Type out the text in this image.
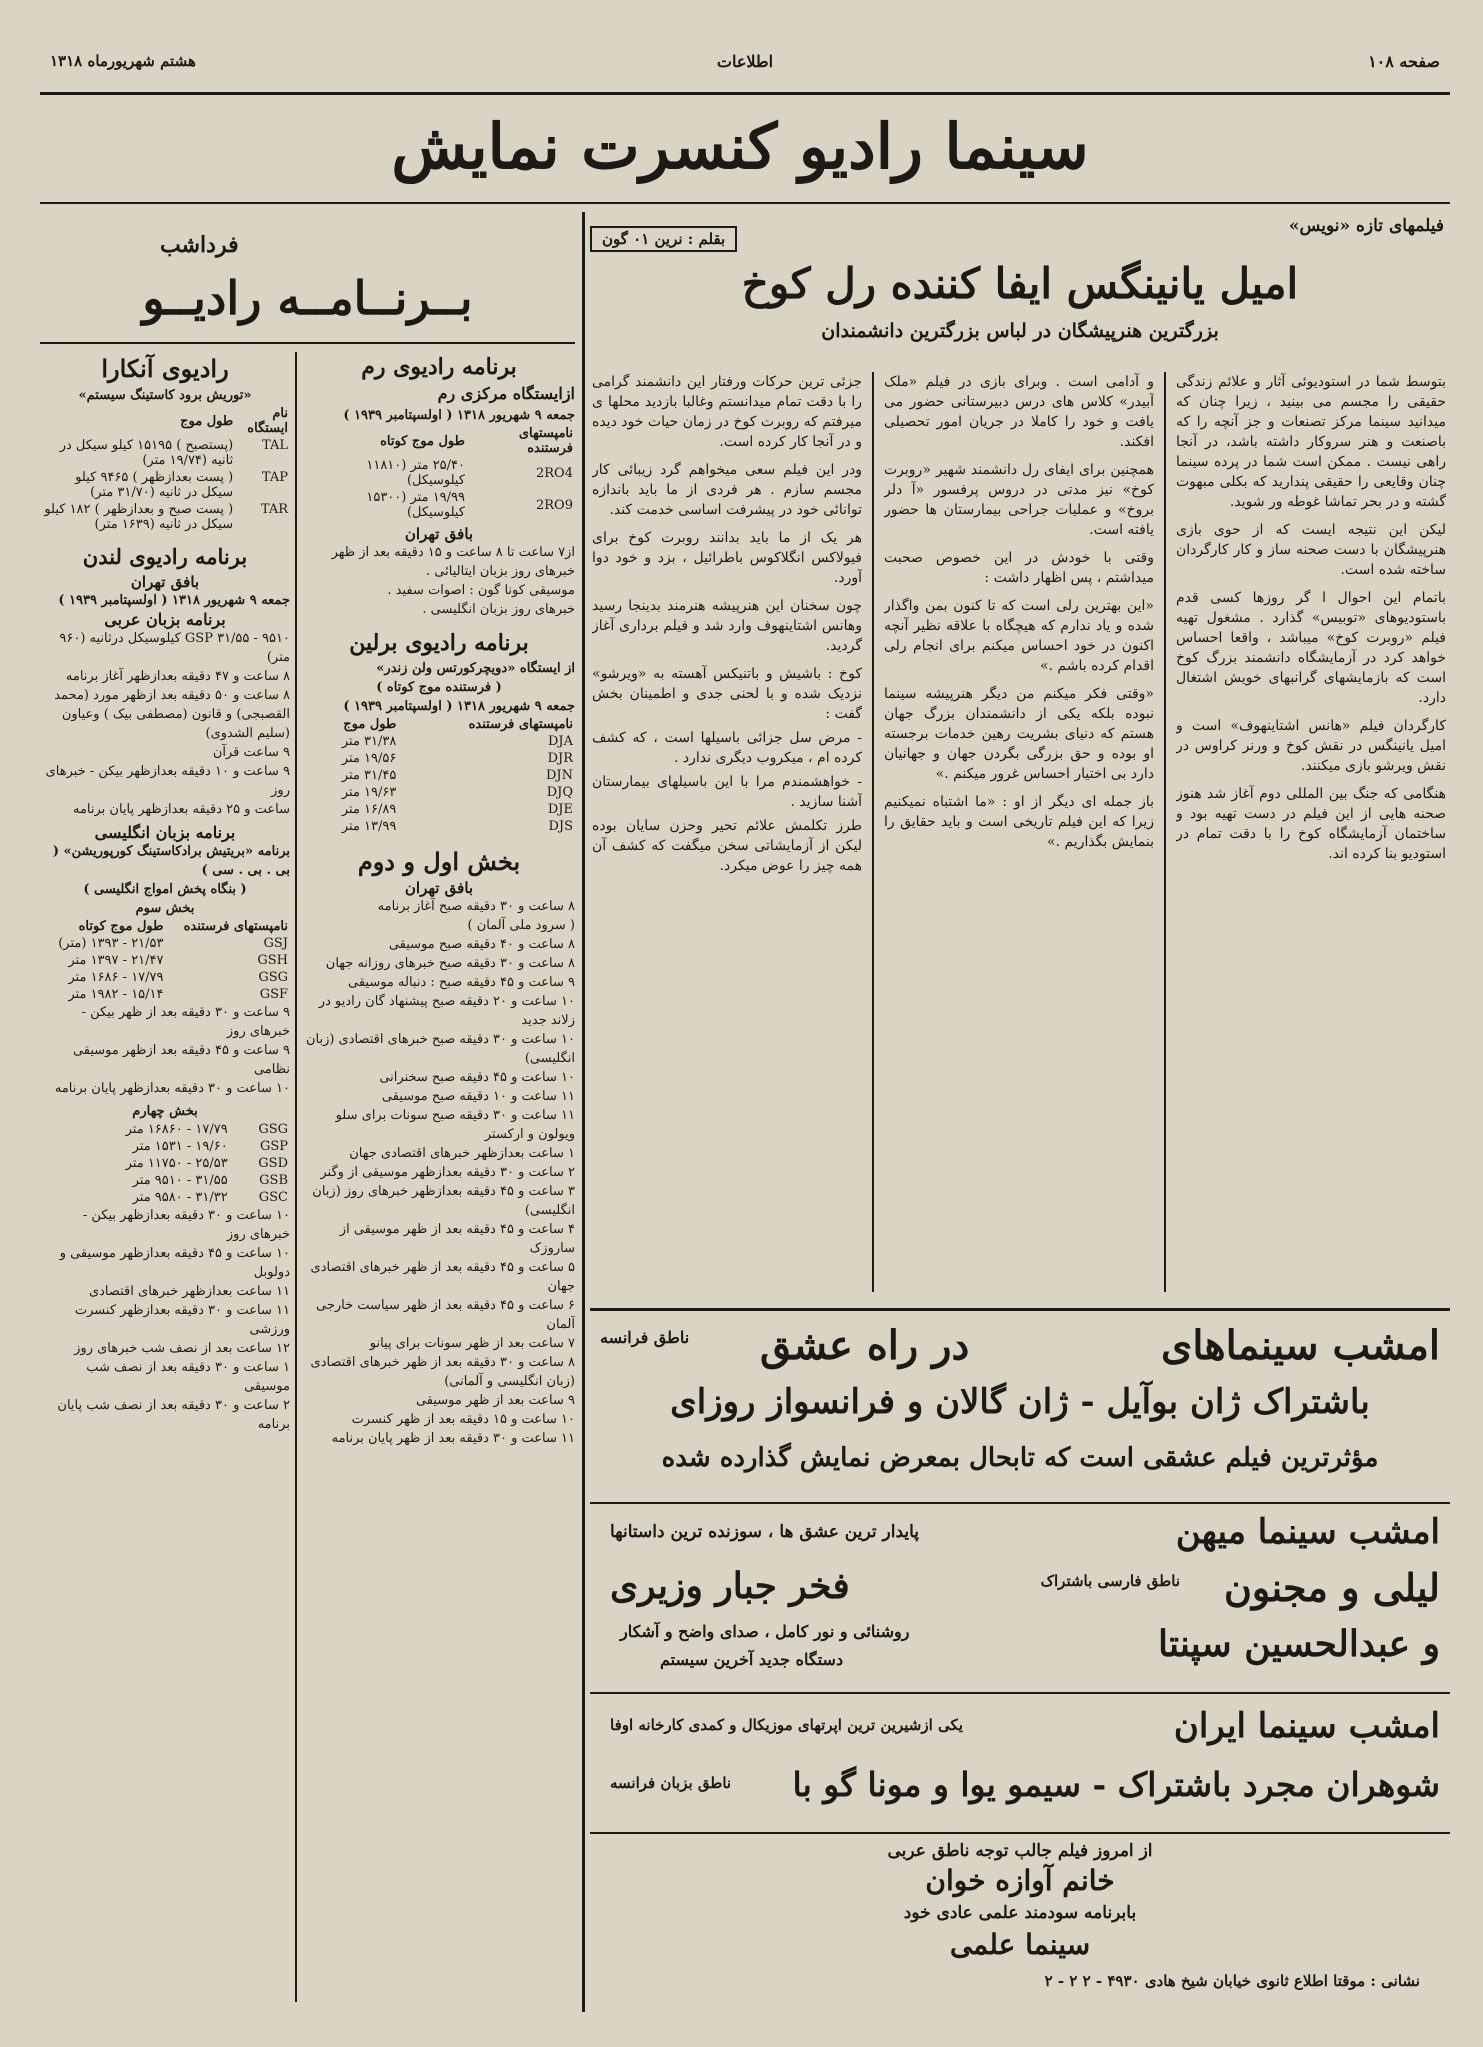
صفحه ۱۰۸
اطلاعات
هشتم شهریورماه ۱۳۱۸
سینما رادیو کنسرت نمایش
فیلمهای تازه «نویس»
بقلم : نرین ۰۱ گون
امیل یانینگس ایفا کننده رل کوخ
بزرگترین هنرپیشگان در لباس بزرگترین دانشمندان

بتوسط شما در استودیوئی آثار و علائم زندگی حقیقی را مجسم می بینید ، زیرا چنان که میدانید سینما مرکز تصنعات و جز آنچه را که باصنعت و هنر سروکار داشته باشد، در آنجا راهی نیست . ممکن است شما در پرده سینما چنان وقایعی را حقیقی پندارید که بکلی مبهوت گشته و در بحر تماشا غوطه ور شوید.

لیکن این نتیجه ایست که از حوی بازی هنرپیشگان با دست صحنه ساز و کار کارگردان ساخته شده است.

باتمام این احوال ا گر روزها کسی قدم باستودیوهای «توبیس» گذارد . مشغول تهیه فیلم «روبرت کوخ» میباشد ، واقعا احساس خواهد کرد در آزمایشگاه دانشمند بزرگ کوخ است که بازمایشهای گرانبهای خویش اشتغال دارد.

کارگردان فیلم «هانس اشتاینهوف» است و امیل یانینگس در نقش کوخ و ورنر کراوس در نقش ویرشو بازی میکنند.

هنگامی که جنگ بین المللی دوم آغاز شد هنوز صحنه هایی از این فیلم در دست تهیه بود و ساختمان آزمایشگاه کوخ را با دقت تمام در استودیو بنا کرده اند.

و آدامی است . وبرای بازی در فیلم «ملک آبیدر» کلاس های درس دبیرستانی حضور می یافت و خود را کاملا در جریان امور تحصیلی افکند.

همچنین برای ایفای رل دانشمند شهیر «روبرت کوخ» نیز مدتی در دروس پرفسور «آ دلر بروخ» و عملیات جراحی بیمارستان ها حضور یافته است.

وقتی با خودش در این خصوص صحبت میداشتم ، پس اظهار داشت :

«این بهترین رلی است که تا کنون بمن واگذار شده و یاد ندارم که هیچگاه با علاقه نظیر آنچه اکنون در خود احساس میکنم برای انجام رلی اقدام کرده باشم .»

«وقتی فکر میکنم من دیگر هنرپیشه سینما نبوده بلکه یکی از دانشمندان بزرگ جهان هستم که دنیای بشریت رهین خدمات برجسته او بوده و حق بزرگی بگردن جهان و جهانیان دارد بی اختیار احساس غرور میکنم .»

باز جمله ای دیگر از او : «ما اشتباه نمیکنیم زیرا که این فیلم تاریخی است و باید حقایق را بنمایش بگذاریم .»

جزئی ترین حرکات ورفتار این دانشمند گرامی را با دقت تمام میدانستم وغالبا بازدید محلها ی میرفتم که روبرت کوخ در زمان حیات خود دیده و در آنجا کار کرده است.

ودر این فیلم سعی میخواهم گرد زیبائی کار مجسم سازم . هر فردی از ما باید باندازه توانائی خود در پیشرفت اساسی خدمت کند.

هر یک از ما باید بدانند روبرت کوخ برای فیولاکس انگلاکوس باطرائیل ، بزد و خود دوا آورد.

چون سخنان این هنرپیشه هنرمند بدینجا رسید وهانس اشتاینهوف وارد شد و فیلم برداری آغاز گردید.

کوخ : باشیش و باتنیکس آهسته به «ویرشو» نزدیک شده و با لحنی جدی و اطمینان بخش گفت :

- مرض سل جزائی باسیلها است ، که کشف کرده ام ، میکروب دیگری ندارد .

- خواهشمندم مرا با این باسیلهای بیمارستان آشنا سازید .

طرز تکلمش علائم تحیر وحزن سایان بوده لیکن از آزمایشاتی سخن میگفت که کشف آن همه چیز را عوض میکرد.

فرداشب
بــرنــامــه رادیــو
برنامه رادیوی رم
ازایستگاه مرکزی رم
جمعه ۹ شهریور ۱۳۱۸ ( اولسپتامبر ۱۹۳۹ )
نامپستهای فرستنده	طول موج کوتاه
2RO4	۲۵/۴۰ متر (۱۱۸۱۰ کیلوسیکل)
2RO9	۱۹/۹۹ متر (۱۵۳۰۰ کیلوسیکل)
بافق تهران
از۷ ساعت تا ۸ ساعت و ۱۵ دقیقه بعد از ظهر خبرهای روز بزبان ایتالیائی .
موسیقی کونا گون : اصوات سفید .
خبرهای روز بزبان انگلیسی .
برنامه رادیوی برلین
از ایستگاه «دویچرکورتس ولن زندر»
( فرستنده موج کوتاه )
جمعه ۹ شهریور ۱۳۱۸ ( اولسپتامبر ۱۹۳۹ )
نامپستهای فرستنده	طول موج
DJA	۳۱/۳۸ متر
DJR	۱۹/۵۶ متر
DJN	۳۱/۴۵ متر
DJQ	۱۹/۶۳ متر
DJE	۱۶/۸۹ متر
DJS	۱۳/۹۹ متر
بخش اول و دوم
بافق تهران
۸ ساعت و ۳۰ دقیقه صبح آغاز برنامه
( سرود ملی آلمان )
۸ ساعت و ۴۰ دقیقه صبح موسیقی
۸ ساعت و ۳۰ دقیقه صبح خبرهای روزانه جهان
۹ ساعت و ۴۵ دقیقه صبح : دنباله موسیقی
۱۰ ساعت و ۲۰ دقیقه صبح پیشنهاد گان رادیو در زلاند جدید
۱۰ ساعت و ۳۰ دقیقه صبح خبرهای اقتصادی (زبان انگلیسی)
۱۰ ساعت و ۴۵ دقیقه صبح سخنرانی
۱۱ ساعت و ۱۰ دقیقه صبح موسیقی
۱۱ ساعت و ۳۰ دقیقه صبح سونات برای سلو ویولون و ارکستر
۱ ساعت بعدازظهر خبرهای اقتصادی جهان
۲ ساعت و ۳۰ دقیقه بعدازظهر موسیقی از وگنر
۳ ساعت و ۴۵ دقیقه بعدازظهر خبرهای روز (زبان انگلیسی)
۴ ساعت و ۴۵ دقیقه بعد از ظهر موسیقی از ساروزک
۵ ساعت و ۴۵ دقیقه بعد از ظهر خبرهای اقتصادی جهان
۶ ساعت و ۴۵ دقیقه بعد از ظهر سیاست خارجی آلمان
۷ ساعت بعد از ظهر سونات برای پیانو
۸ ساعت و ۳۰ دقیقه بعد از ظهر خبرهای اقتصادی (زبان انگلیسی و آلمانی)
۹ ساعت بعد از ظهر موسیقی
۱۰ ساعت و ۱۵ دقیقه بعد از ظهر کنسرت
۱۱ ساعت و ۳۰ دقیقه بعد از ظهر پایان برنامه
رادیوی آنکارا
«توریش برود کاستینگ سیستم»
نام ایستگاه	طول موج
TAL	(پستصبح ) ۱۵۱۹۵ کیلو سیکل در ثانیه (۱۹/۷۴ متر)
TAP	( پست بعدازظهر ) ۹۴۶۵ کیلو سیکل در ثانیه (۳۱/۷۰ متر)
TAR	( پست صبح و بعدازظهر ) ۱۸۲ کیلو سیکل در ثانیه (۱۶۳۹ متر)
برنامه رادیوی لندن
بافق تهران
جمعه ۹ شهریور ۱۳۱۸ ( اولسپتامبر ۱۹۳۹ )
برنامه بزبان عربی
GSP ۳۱/۵۵ - ۹۵۱۰ کیلوسیکل درثانیه (۹۶۰ متر)
۸ ساعت و ۴۷ دقیقه بعدازظهر آغاز برنامه
۸ ساعت و ۵۰ دقیقه بعد ازظهر مورد (محمد القصبجی) و قانون (مصطفی بیک ) وعیاون (سلیم الشدوی)
۹ ساعت قرآن
۹ ساعت و ۱۰ دقیقه بعدازظهر بیکن - خبرهای روز
ساعت و ۲۵ دقیقه بعدازظهر پایان برنامه
برنامه بزبان انگلیسی
برنامه «بریتیش برادکاستینگ کورپوریشن» ( بی . بی . سی )
( بنگاه پخش امواج انگلیسی )
بخش سوم
نامپستهای فرستنده	طول موج کوتاه
GSJ	۲۱/۵۳ - ۱۳۹۳ (متر)
GSH	۲۱/۴۷ - ۱۳۹۷ متر
GSG	۱۷/۷۹ - ۱۶۸۶ متر
GSF	۱۵/۱۴ - ۱۹۸۲ متر
۹ ساعت و ۳۰ دقیقه بعد از ظهر بیکن - خبرهای روز
۹ ساعت و ۴۵ دقیقه بعد ازظهر موسیقی نظامی
۱۰ ساعت و ۳۰ دقیقه بعدازظهر پایان برنامه
بخش چهارم
GSG	۱۷/۷۹ - ۱۶۸۶۰ متر
GSP	۱۹/۶۰ - ۱۵۳۱ متر
GSD	۲۵/۵۳ - ۱۱۷۵۰ متر
GSB	۳۱/۵۵ - ۹۵۱۰ متر
GSC	۳۱/۳۲ - ۹۵۸۰ متر
۱۰ ساعت و ۳۰ دقیقه بعدازظهر بیکن - خبرهای روز
۱۰ ساعت و ۴۵ دقیقه بعدازظهر موسیقی و دولوبل
۱۱ ساعت بعدازظهر خبرهای اقتصادی
۱۱ ساعت و ۳۰ دقیقه بعدازظهر کنسرت ورزشی
۱۲ ساعت بعد از نصف شب خبرهای روز
۱ ساعت و ۳۰ دقیقه بعد از نصف شب موسیقی
۲ ساعت و ۳۰ دقیقه بعد از نصف شب پایان برنامه
امشب سینماهای
در راه عشق
ناطق فرانسه
باشتراک ژان بوآیل - ژان گالان و فرانسواز روزای
مؤثرترین فیلم عشقی است که تابحال بمعرض نمایش گذارده شده
امشب سینما میهن
پایدار ترین عشق ها ، سوزنده ترین داستانها
لیلی و مجنون
ناطق فارسی باشتراک
فخر جبار وزیری
و عبدالحسین سپنتا
روشنائی و نور کامل ، صدای واضح و آشکار
دستگاه جدید آخرین سیستم
امشب سینما ایران
یکی ازشیرین ترین اپرتهای موزیکال و کمدی کارخانه اوفا
شوهران مجرد باشتراک - سیمو یوا و مونا گو با
ناطق بزبان فرانسه
از امروز فیلم جالب توجه ناطق عربی
خانم آوازه خوان
بابرنامه سودمند علمی عادی خود
سینما علمی
نشانی : موقتا اطلاع ثانوی خیابان شیخ هادی ۴۹۳۰ - ۲ ۲ - ۲
